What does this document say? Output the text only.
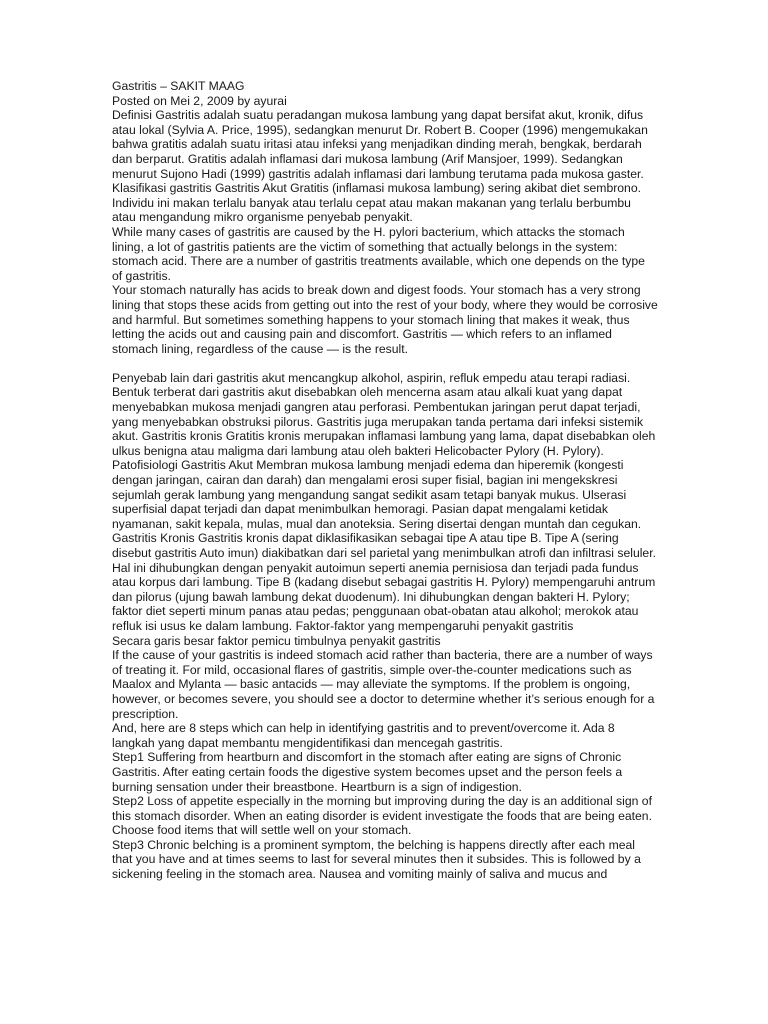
Gastritis – SAKIT MAAG

Posted on Mei 2, 2009 by ayurai

Definisi Gastritis adalah suatu peradangan mukosa lambung yang dapat bersifat akut, kronik, difus atau lokal (Sylvia A. Price, 1995), sedangkan menurut Dr. Robert B. Cooper (1996) mengemukakan bahwa gratitis adalah suatu iritasi atau infeksi yang menjadikan dinding merah, bengkak, berdarah dan berparut. Gratitis adalah inflamasi dari mukosa lambung (Arif Mansjoer, 1999). Sedangkan menurut Sujono Hadi (1999) gastritis adalah inflamasi dari lambung terutama pada mukosa gaster. Klasifikasi gastritis Gastritis Akut Gratitis (inflamasi mukosa lambung) sering akibat diet sembrono. Individu ini makan terlalu banyak atau terlalu cepat atau makan makanan yang terlalu berbumbu atau mengandung mikro organisme penyebab penyakit.

While many cases of gastritis are caused by the H. pylori bacterium, which attacks the stomach lining, a lot of gastritis patients are the victim of something that actually belongs in the system: stomach acid. There are a number of gastritis treatments available, which one depends on the type of gastritis.

Your stomach naturally has acids to break down and digest foods. Your stomach has a very strong lining that stops these acids from getting out into the rest of your body, where they would be corrosive and harmful. But sometimes something happens to your stomach lining that makes it weak, thus letting the acids out and causing pain and discomfort. Gastritis — which refers to an inflamed stomach lining, regardless of the cause — is the result.

Penyebab lain dari gastritis akut mencangkup alkohol, aspirin, refluk empedu atau terapi radiasi. Bentuk terberat dari gastritis akut disebabkan oleh mencerna asam atau alkali kuat yang dapat menyebabkan mukosa menjadi gangren atau perforasi. Pembentukan jaringan perut dapat terjadi, yang menyebabkan obstruksi pilorus. Gastritis juga merupakan tanda pertama dari infeksi sistemik akut. Gastritis kronis Gratitis kronis merupakan inflamasi lambung yang lama, dapat disebabkan oleh ulkus benigna atau maligma dari lambung atau oleh bakteri Helicobacter Pylory (H. Pylory). Patofisiologi Gastritis Akut Membran mukosa lambung menjadi edema dan hiperemik (kongesti dengan jaringan, cairan dan darah) dan mengalami erosi super fisial, bagian ini mengekskresi sejumlah gerak lambung yang mengandung sangat sedikit asam tetapi banyak mukus. Ulserasi superfisial dapat terjadi dan dapat menimbulkan hemoragi. Pasian dapat mengalami ketidak nyamanan, sakit kepala, mulas, mual dan anoteksia. Sering disertai dengan muntah dan cegukan. Gastritis Kronis Gastritis kronis dapat diklasifikasikan sebagai tipe A atau tipe B. Tipe A (sering disebut gastritis Auto imun) diakibatkan dari sel parietal yang menimbulkan atrofi dan infiltrasi seluler. Hal ini dihubungkan dengan penyakit autoimun seperti anemia pernisiosa dan terjadi pada fundus atau korpus dari lambung. Tipe B (kadang disebut sebagai gastritis H. Pylory) mempengaruhi antrum dan pilorus (ujung bawah lambung dekat duodenum). Ini dihubungkan dengan bakteri H. Pylory; faktor diet seperti minum panas atau pedas; penggunaan obat-obatan atau alkohol; merokok atau refluk isi usus ke dalam lambung. Faktor-faktor yang mempengaruhi penyakit gastritis

Secara garis besar faktor pemicu timbulnya penyakit gastritis

If the cause of your gastritis is indeed stomach acid rather than bacteria, there are a number of ways of treating it. For mild, occasional flares of gastritis, simple over-the-counter medications such as Maalox and Mylanta — basic antacids — may alleviate the symptoms. If the problem is ongoing, however, or becomes severe, you should see a doctor to determine whether it’s serious enough for a prescription.

And, here are 8 steps which can help in identifying gastritis and to prevent/overcome it. Ada 8 langkah yang dapat membantu mengidentifikasi dan mencegah gastritis.

Step1 Suffering from heartburn and discomfort in the stomach after eating are signs of Chronic Gastritis. After eating certain foods the digestive system becomes upset and the person feels a burning sensation under their breastbone. Heartburn is a sign of indigestion.

Step2 Loss of appetite especially in the morning but improving during the day is an additional sign of this stomach disorder. When an eating disorder is evident investigate the foods that are being eaten. Choose food items that will settle well on your stomach.

Step3 Chronic belching is a prominent symptom, the belching is happens directly after each meal that you have and at times seems to last for several minutes then it subsides. This is followed by a sickening feeling in the stomach area. Nausea and vomiting mainly of saliva and mucus and
